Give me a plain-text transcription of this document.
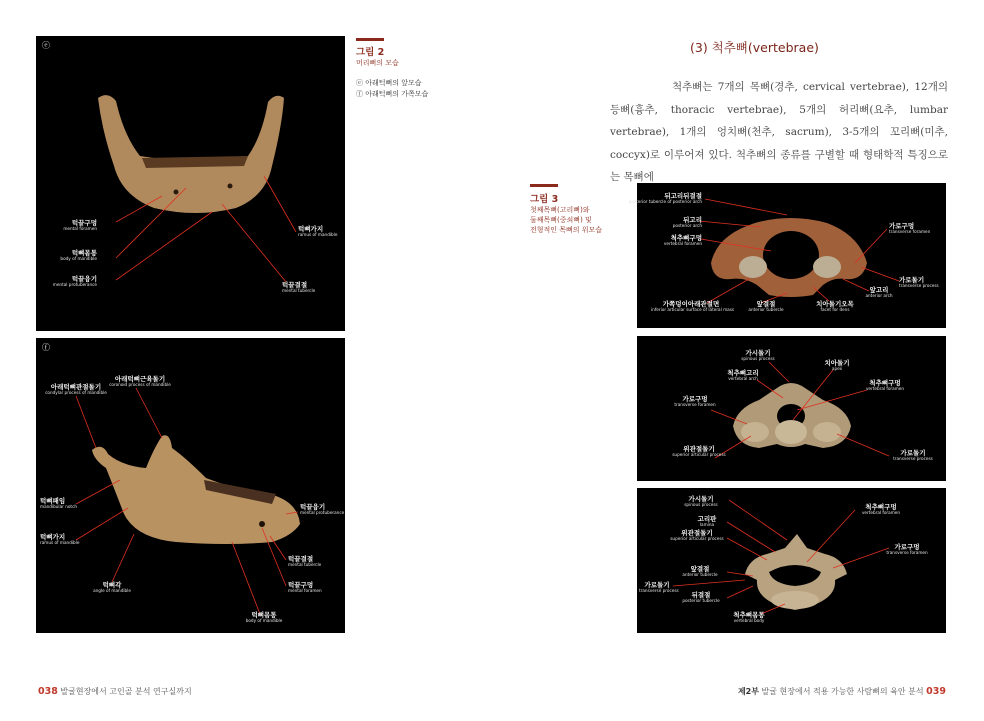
ⓔ
턱끝구멍
mental foramen
턱뼈몸통
body of mandible
턱끝융기
mental protuberance
턱뼈가지
ramus of mandible
턱끝결절
mental tubercle
ⓕ
아래턱뼈관절돌기
condylar process of mandible
아래턱뼈근육돌기
coronoid process of mandible
턱뼈패임
mandibular notch
턱뼈가지
ramus of mandible
턱뼈각
angle of mandible
턱뼈몸통
body of mandible
턱끝융기
mental protuberance
턱끝결절
mental tubercle
턱끝구멍
mental foramen
그림 2
머리뼈의 모습
ⓔ 아래턱뼈의 앞모습
ⓕ 아래턱뼈의 가쪽모습
038 발굴현장에서 고인골 분석 연구실까지
(3) 척추뼈(vertebrae)

척추뼈는 7개의 목뼈(경추, cervical vertebrae), 12개의 등뼈(흉추, thoracic vertebrae), 5개의 허리뼈(요추, lumbar vertebrae), 1개의 엉치뼈(천추, sacrum), 3-5개의 꼬리뼈(미추, coccyx)로 이루어져 있다. 척추뼈의 종류를 구별할 때 형태학적 특징으로는 목뼈에

그림 3
첫째목뼈(고리뼈)와
둘째목뼈(중쇠뼈) 및
전형적인 목뼈의 위모습
뒤고리뒤결절
posterior tubercle of posterior arch
뒤고리
posterior arch
척추뼈구멍
vertebral foramen
가로구멍
transverse foramen
가로돌기
transverse process
앞고리
anterior arch
가쪽덩이아래관절면
inferior articular surface of lateral mass
앞결절
anterior tubercle
치아돌기오목
facet for dens
가시돌기
spinous process
치아돌기
apex
척추뼈고리
vertebral arch
척추뼈구멍
vertebral foramen
가로구멍
transverse foramen
위관절돌기
superior articular process	가로돌기
transverse process
가시돌기
spinous process	척추뼈구멍
vertebral foramen
고리판
lamina
위관절돌기
superior articular process
가로구멍
transverse foramen
앞결절
anterior tubercle
가로돌기
transverse process
뒤결절
posterior tubercle
척추뼈몸통
vertebral body
제2부 발굴 현장에서 적용 가능한 사람뼈의 육안 분석 039
